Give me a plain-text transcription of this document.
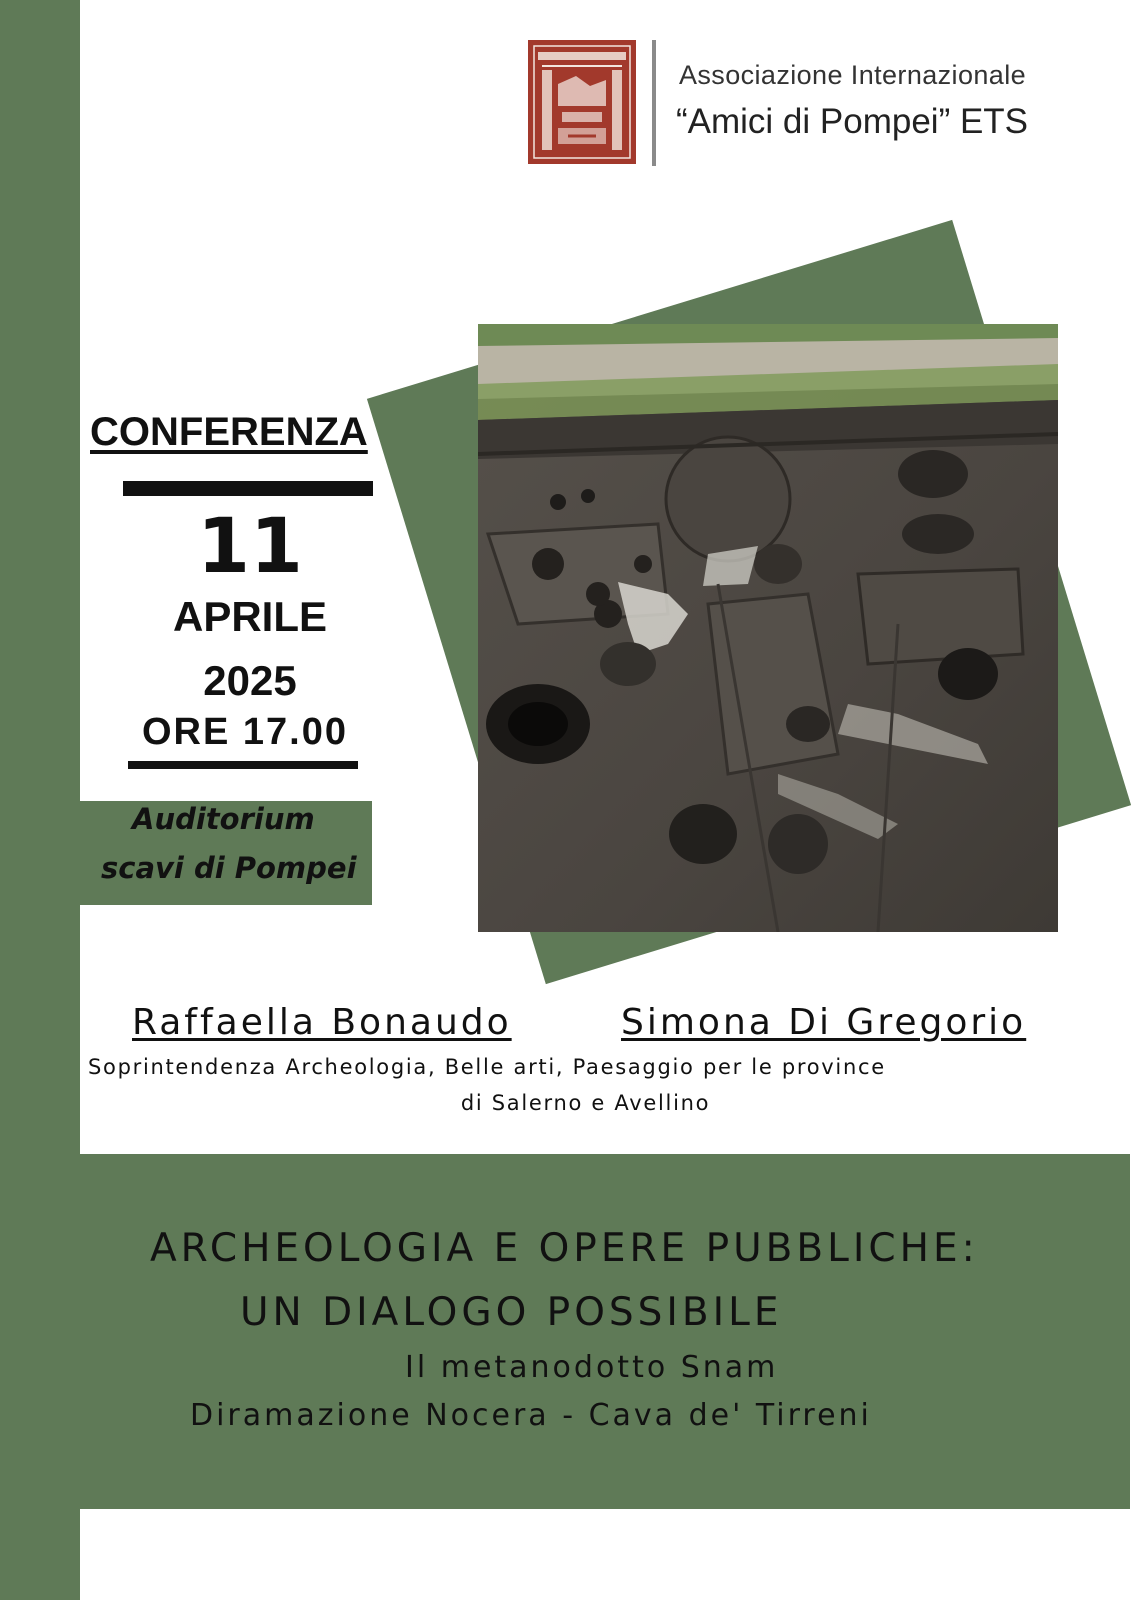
Associazione Internazionale
“Amici di Pompei” ETS
CONFERENZA
11
APRILE
2025
ORE 17.00
Auditorium
scavi di Pompei
Raffaella Bonaudo	Simona Di Gregorio
Soprintendenza Archeologia, Belle arti, Paesaggio per le province
di Salerno e Avellino
ARCHEOLOGIA E OPERE PUBBLICHE:
UN DIALOGO POSSIBILE
Il metanodotto Snam
Diramazione Nocera - Cava de' Tirreni
